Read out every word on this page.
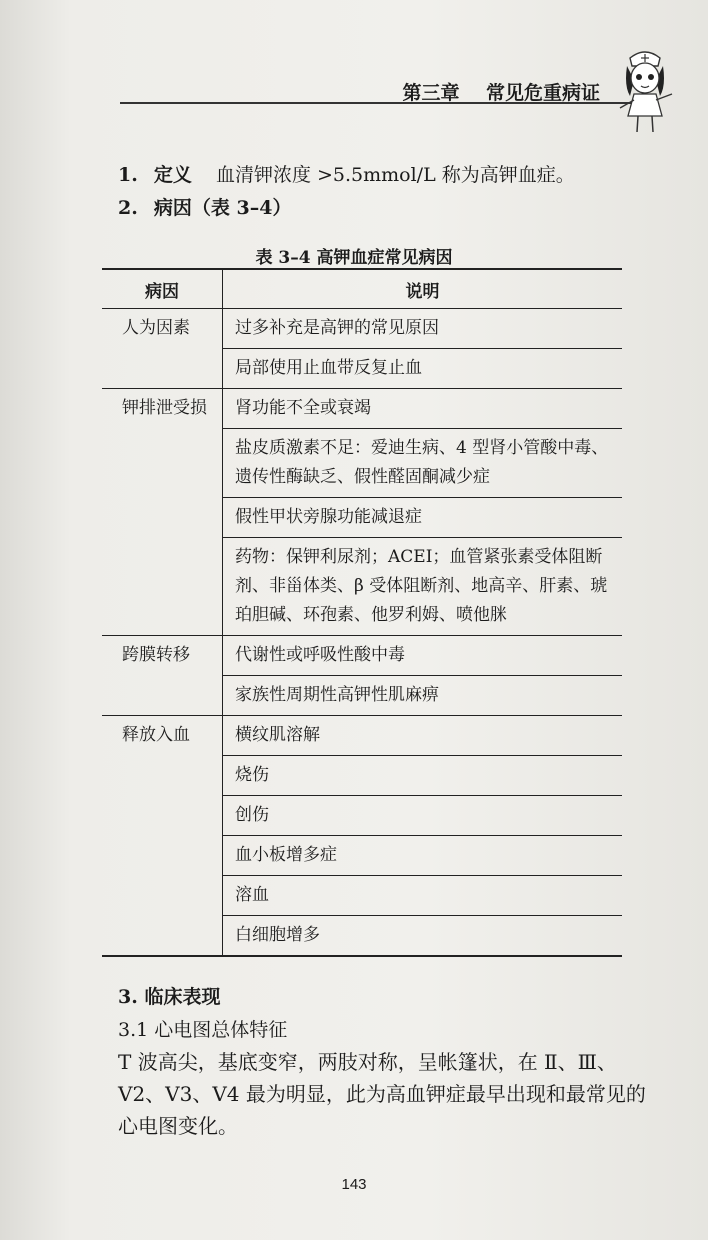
第三章    常见危重病证
1. 定义 血清钾浓度 >5.5mmol/L 称为高钾血症。
2. 病因（表 3–4）
表 3–4 高钾血症常见病因
病因	说明
人为因素	过多补充是高钾的常见原因
	局部使用止血带反复止血
钾排泄受损	肾功能不全或衰竭
	盐皮质激素不足：爱迪生病、4 型肾小管酸中毒、遗传性酶缺乏、假性醛固酮减少症
	假性甲状旁腺功能减退症
	药物：保钾利尿剂；ACEI；血管紧张素受体阻断剂、非甾体类、β 受体阻断剂、地高辛、肝素、琥珀胆碱、环孢素、他罗利姆、喷他脒
跨膜转移	代谢性或呼吸性酸中毒
	家族性周期性高钾性肌麻痹
释放入血	横纹肌溶解
	烧伤
	创伤
	血小板增多症
	溶血
	白细胞增多
3. 临床表现
3.1 心电图总体特征
T 波高尖，基底变窄，两肢对称，呈帐篷状，在 Ⅱ、Ⅲ、V2、V3、V4 最为明显，此为高血钾症最早出现和最常见的心电图变化。
143
